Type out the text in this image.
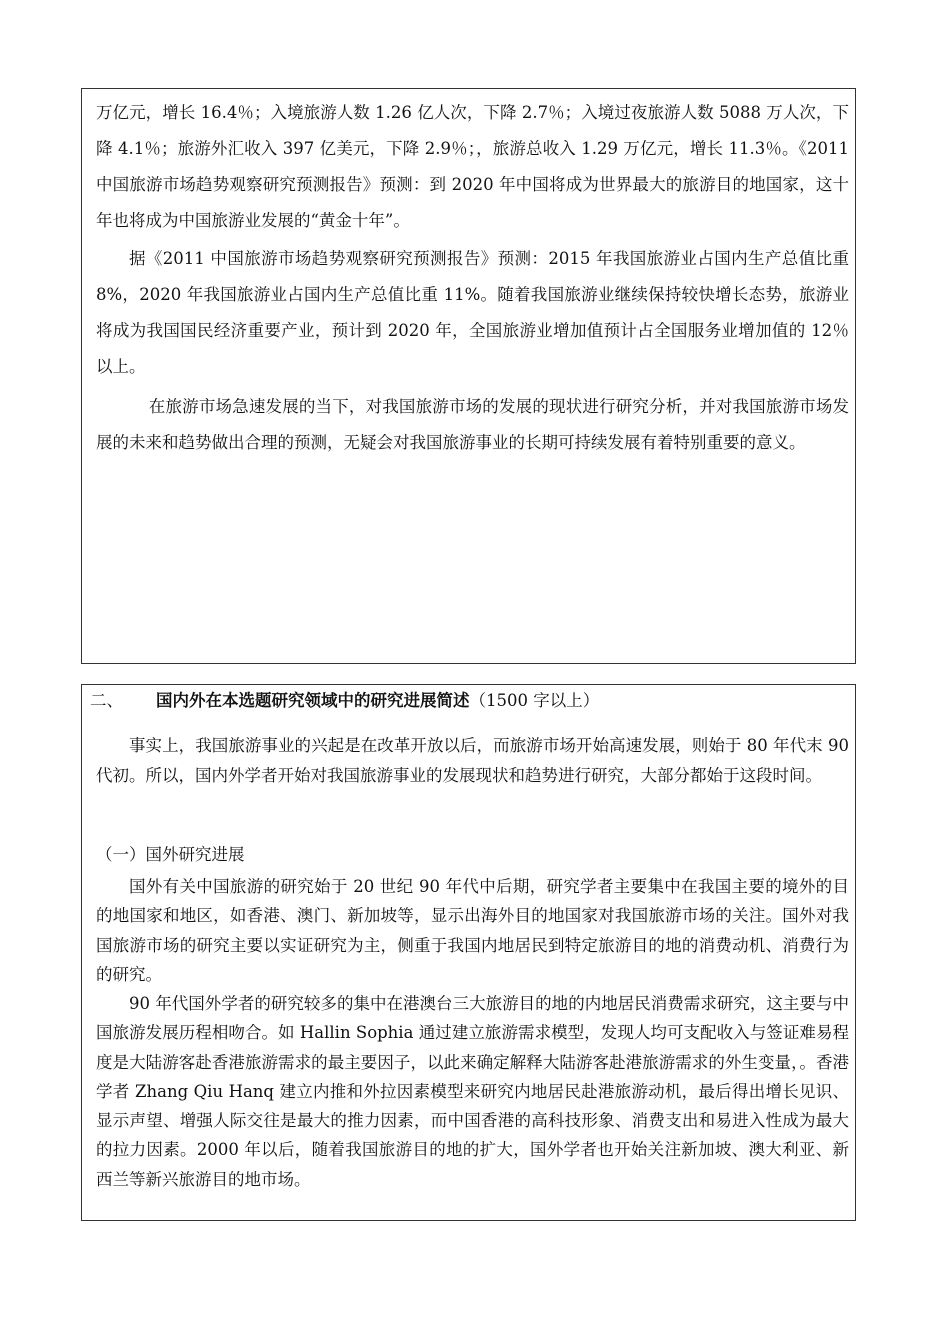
万亿元，增长 16.4％；入境旅游人数 1.26 亿人次，下降 2.7％；入境过夜旅游人数 5088 万人次，下降 4.1％；旅游外汇收入 397 亿美元，下降 2.9％；，旅游总收入 1.29 万亿元，增长 11.3％。《2011 中国旅游市场趋势观察研究预测报告》预测：到 2020 年中国将成为世界最大的旅游目的地国家，这十年也将成为中国旅游业发展的“黄金十年”。

据《2011 中国旅游市场趋势观察研究预测报告》预测：2015 年我国旅游业占国内生产总值比重 8%，2020 年我国旅游业占国内生产总值比重 11%。随着我国旅游业继续保持较快增长态势，旅游业将成为我国国民经济重要产业，预计到 2020 年，全国旅游业增加值预计占全国服务业增加值的 12％以上。

在旅游市场急速发展的当下，对我国旅游市场的发展的现状进行研究分析，并对我国旅游市场发展的未来和趋势做出合理的预测，无疑会对我国旅游事业的长期可持续发展有着特别重要的意义。

二、 国内外在本选题研究领域中的研究进展简述（1500 字以上）

事实上，我国旅游事业的兴起是在改革开放以后，而旅游市场开始高速发展，则始于 80 年代末 90 代初。所以，国内外学者开始对我国旅游事业的发展现状和趋势进行研究，大部分都始于这段时间。

（一）国外研究进展

国外有关中国旅游的研究始于 20 世纪 90 年代中后期，研究学者主要集中在我国主要的境外的目的地国家和地区，如香港、澳门、新加坡等，显示出海外目的地国家对我国旅游市场的关注。国外对我国旅游市场的研究主要以实证研究为主，侧重于我国内地居民到特定旅游目的地的消费动机、消费行为的研究。

90 年代国外学者的研究较多的集中在港澳台三大旅游目的地的内地居民消费需求研究，这主要与中国旅游发展历程相吻合。如 Hallin Sophia 通过建立旅游需求模型，发现人均可支配收入与签证难易程度是大陆游客赴香港旅游需求的最主要因子，以此来确定解释大陆游客赴港旅游需求的外生变量，。香港学者 Zhang Qiu Hanq 建立内推和外拉因素模型来研究内地居民赴港旅游动机，最后得出增长见识、显示声望、增强人际交往是最大的推力因素，而中国香港的高科技形象、消费支出和易进入性成为最大的拉力因素。2000 年以后，随着我国旅游目的地的扩大，国外学者也开始关注新加坡、澳大利亚、新西兰等新兴旅游目的地市场。
